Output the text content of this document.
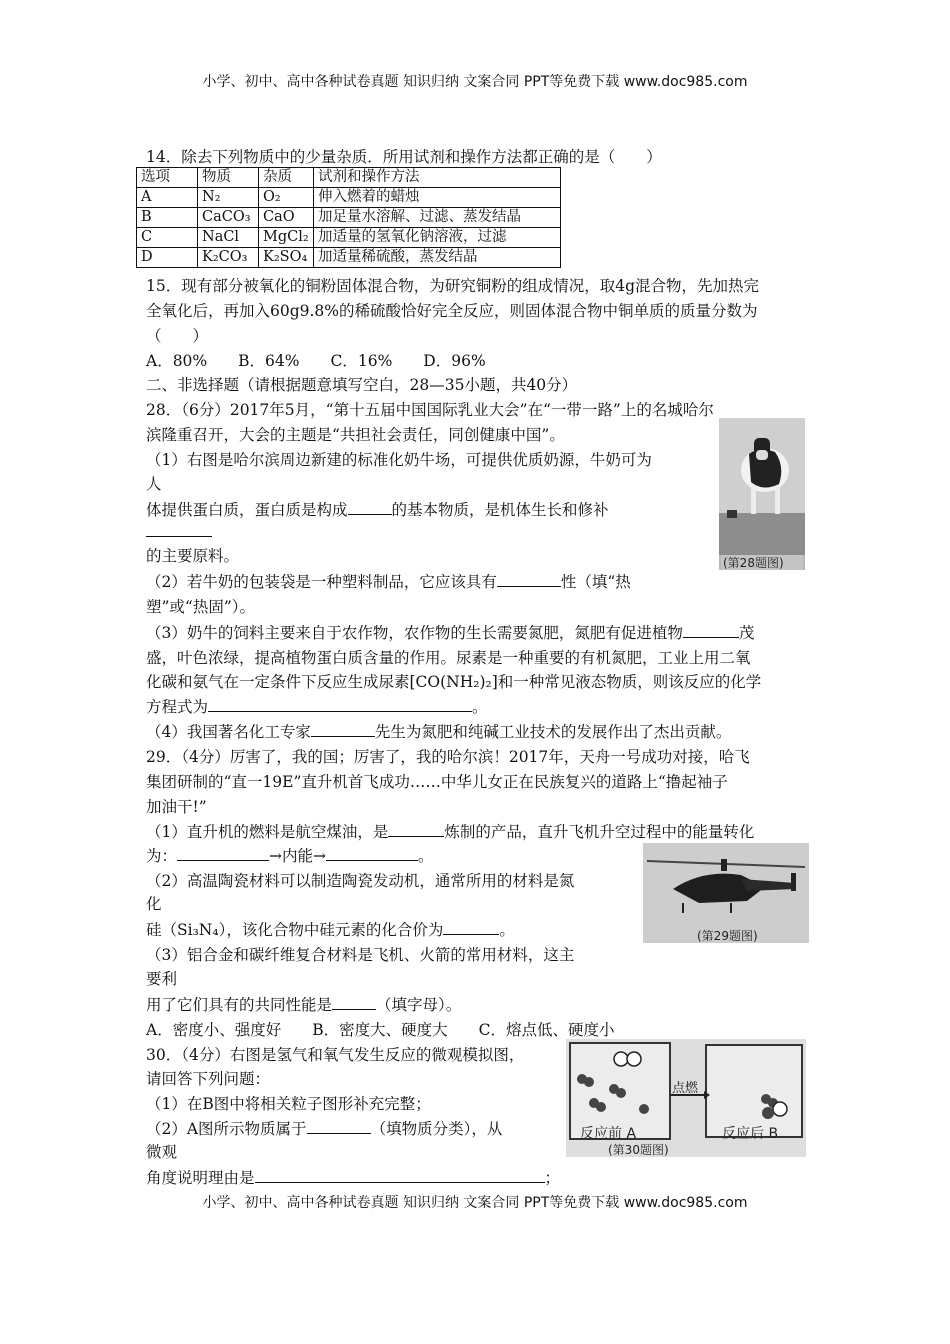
小学、初中、高中各种试卷真题 知识归纳 文案合同 PPT等免费下载 www.doc985.com
14．除去下列物质中的少量杂质．所用试剂和操作方法都正确的是（　　）
选项	物质	杂质	试剂和操作方法
A	N₂	O₂	伸入燃着的蜡烛
B	CaCO₃	CaO	加足量水溶解、过滤、蒸发结晶
C	NaCl	MgCl₂	加适量的氢氧化钠溶液，过滤
D	K₂CO₃	K₂SO₄	加适量稀硫酸，蒸发结晶
15．现有部分被氧化的铜粉固体混合物，为研究铜粉的组成情况，取4g混合物，先加热完
全氧化后，再加入60g9.8%的稀硫酸恰好完全反应，则固体混合物中铜单质的质量分数为
（　　）
A．80%　　B．64%　　C．16%　　D．96%
二、非选择题（请根据题意填写空白，28—35小题，共40分）
28．（6分）2017年5月，“第十五届中国国际乳业大会”在“一带一路”上的名城哈尔
滨隆重召开，大会的主题是“共担社会责任，同创健康中国”。
（1）右图是哈尔滨周边新建的标准化奶牛场，可提供优质奶源，牛奶可为
人
体提供蛋白质，蛋白质是构成	的基本物质，是机体生长和修补
的主要原料。
（2）若牛奶的包装袋是一种塑料制品，它应该具有	性（填“热
塑”或“热固”）。
（3）奶牛的饲料主要来自于农作物，农作物的生长需要氮肥，氮肥有促进植物	茂
盛，叶色浓绿，提高植物蛋白质含量的作用。尿素是一种重要的有机氮肥，工业上用二氧
化碳和氨气在一定条件下反应生成尿素[CO(NH₂)₂]和一种常见液态物质，则该反应的化学
方程式为	。
（4）我国著名化工专家	先生为氮肥和纯碱工业技术的发展作出了杰出贡献。
(第28题图)
29．（4分）厉害了，我的国；厉害了，我的哈尔滨！2017年，天舟一号成功对接，哈飞
集团研制的“直一19E”直升机首飞成功……中华儿女正在民族复兴的道路上“撸起袖子
加油干!”
（1）直升机的燃料是航空煤油，是	炼制的产品，直升飞机升空过程中的能量转化
为：	→内能→	。
（2）高温陶瓷材料可以制造陶瓷发动机，通常所用的材料是氮
化
硅（Si₃N₄），该化合物中硅元素的化合价为	。
（3）铝合金和碳纤维复合材料是飞机、火箭的常用材料，这主
要利
用了它们具有的共同性能是	（填字母）。
A．密度小、强度好　　B．密度大、硬度大　　C．熔点低、硬度小
(第29题图)
30．（4分）右图是氢气和氧气发生反应的微观模拟图，
请回答下列问题：
（1）在B图中将相关粒子图形补充完整；
（2）A图所示物质属于	（填物质分类），从
微观
角度说明理由是	；
点燃
反应前 A	反应后 B
(第30题图)
小学、初中、高中各种试卷真题 知识归纳 文案合同 PPT等免费下载 www.doc985.com
